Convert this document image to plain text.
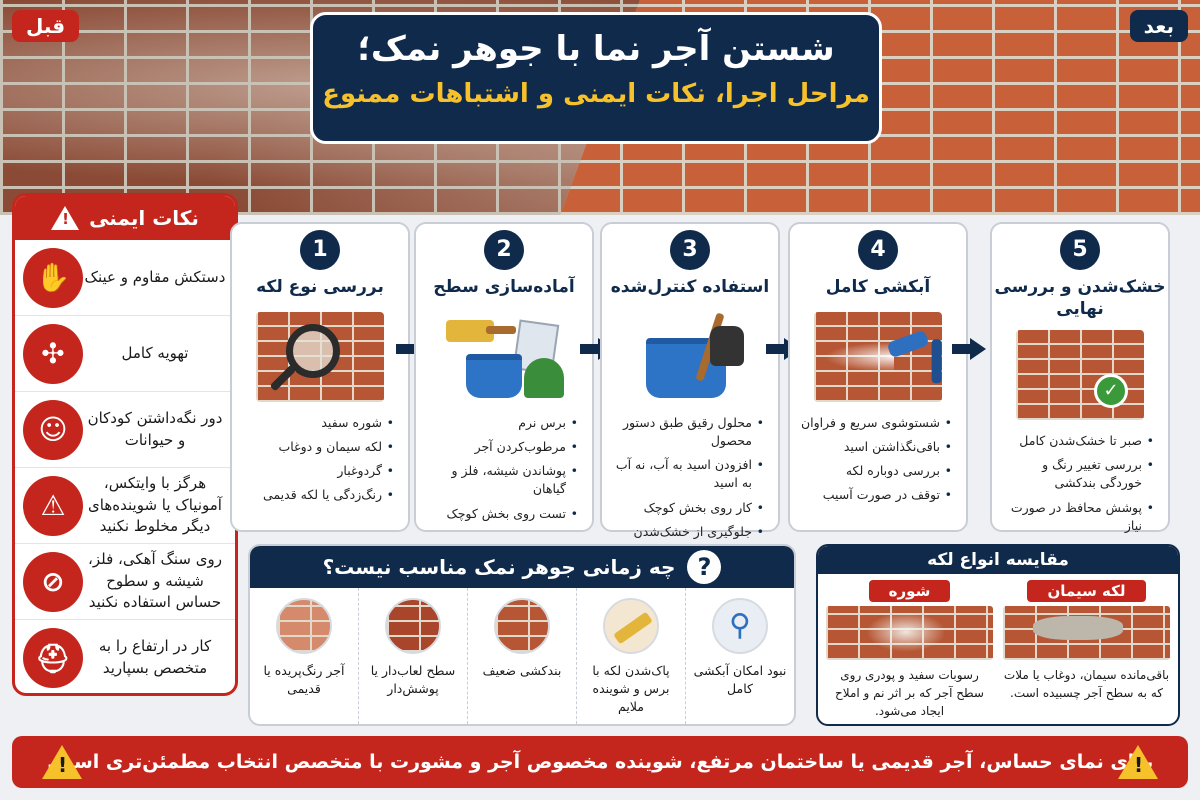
قبل	بعد
شستن آجر نما با جوهر نمک؛
مراحل اجرا، نکات ایمنی و اشتباهات ممنوع
نکات ایمنی
!
دستکش مقاوم و عینک
✋
تهویه کامل
✣
دور نگه‌داشتن کودکان و حیوانات
☺
هرگز با وایتکس، آمونیاک یا شوینده‌های دیگر مخلوط نکنید
⚠
روی سنگ آهکی، فلز، شیشه و سطوح حساس استفاده نکنید
⊘
کار در ارتفاع را به متخصص بسپارید
⛑
1
بررسی نوع لکه
• شوره سفید
• لکه سیمان و دوغاب
• گردوغبار
• رنگ‌زدگی یا لکه قدیمی
2
آماده‌سازی سطح
• برس نرم
• مرطوب‌کردن آجر
• پوشاندن شیشه، فلز و گیاهان
• تست روی بخش کوچک
3
استفاده کنترل‌شده
• محلول رقیق طبق دستور محصول
• افزودن اسید به آب، نه آب به اسید
• کار روی بخش کوچک
• جلوگیری از خشک‌شدن
4
آبکشی کامل
• شستوشوی سریع و فراوان
• باقی‌نگذاشتن اسید
• بررسی دوباره لکه
• توقف در صورت آسیب
5
خشک‌شدن و بررسی نهایی
✓
• صبر تا خشک‌شدن کامل
• بررسی تغییر رنگ و خوردگی بندکشی
• پوشش محافظ در صورت نیاز
?
چه زمانی جوهر نمک مناسب نیست؟
⚲
نبود امکان آبکشی کامل
پاک‌شدن لکه با برس و شوینده ملایم
بندکشی ضعیف
سطح لعاب‌دار یا پوشش‌دار
آجر رنگ‌پریده یا قدیمی
مقایسه انواع لکه
لکه سیمان
باقی‌مانده سیمان، دوغاب یا ملات که به سطح آجر چسبیده است.
شوره
رسوبات سفید و پودری روی سطح آجر که بر اثر نم و املاح ایجاد می‌شود.
!
برای نمای حساس، آجر قدیمی یا ساختمان مرتفع، شوینده مخصوص آجر و مشورت با متخصص انتخاب مطمئن‌تری است.
!
